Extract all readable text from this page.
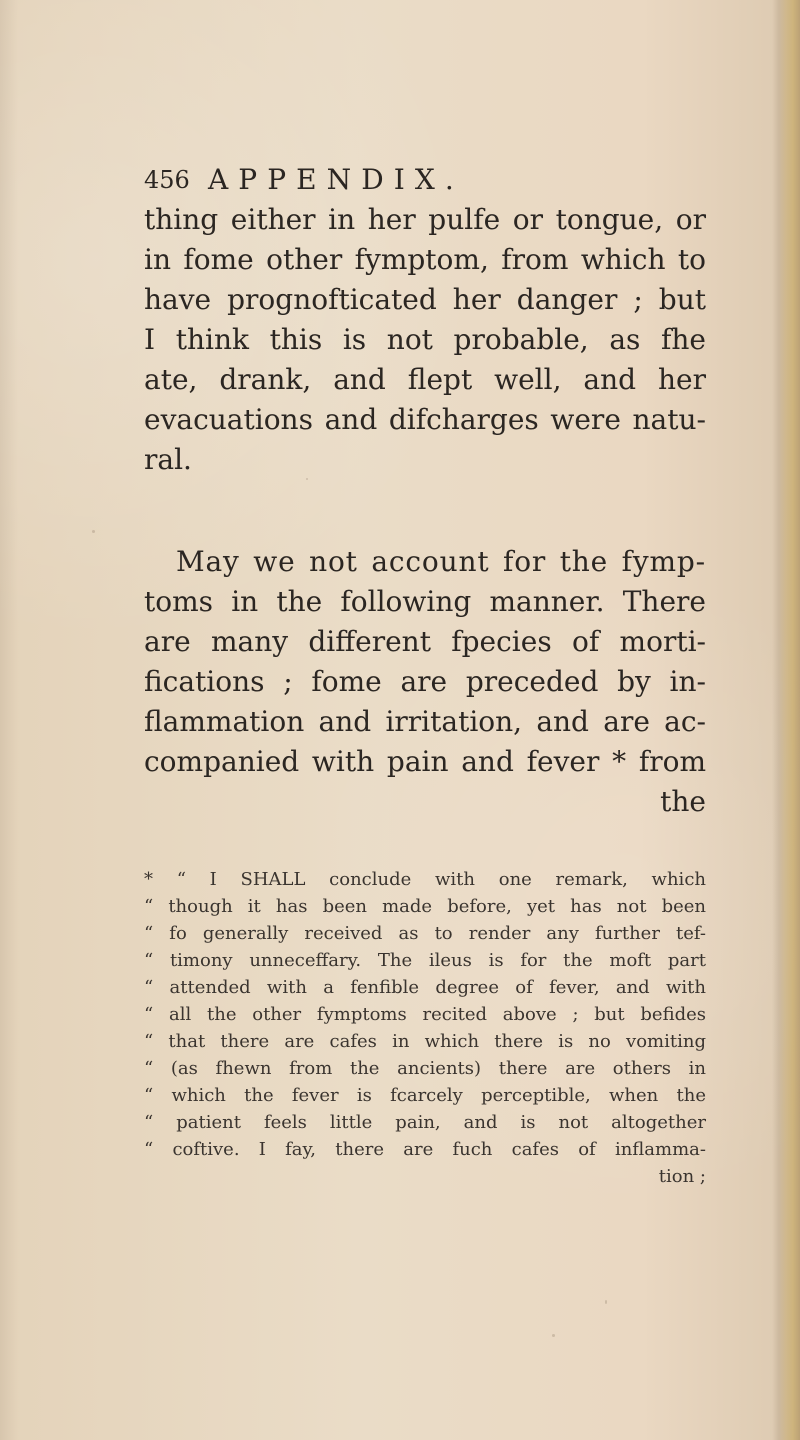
456 APPENDIX.
thing either in her pulfe or tongue, or
in fome other fymptom, from which to
have prognofticated her danger ; but
I think this is not probable, as fhe
ate, drank, and flept well, and her
evacuations and difcharges were natu-
ral.
May we not account for the fymp-
toms in the following manner. There
are many different fpecies of morti-
fications ; fome are preceded by in-
flammation and irritation, and are ac-
companied with pain and fever * from
the
* “ I SHALL conclude with one remark, which
“ though it has been made before, yet has not been
“ fo generally received as to render any further tef-
“ timony unneceffary. The ileus is for the moft part
“ attended with a fenfible degree of fever, and with
“ all the other fymptoms recited above ; but befides
“ that there are cafes in which there is no vomiting
“ (as fhewn from the ancients) there are others in
“ which the fever is fcarcely perceptible, when the
“ patient feels little pain, and is not altogether
“ coftive. I fay, there are fuch cafes of inflamma-
tion ;
